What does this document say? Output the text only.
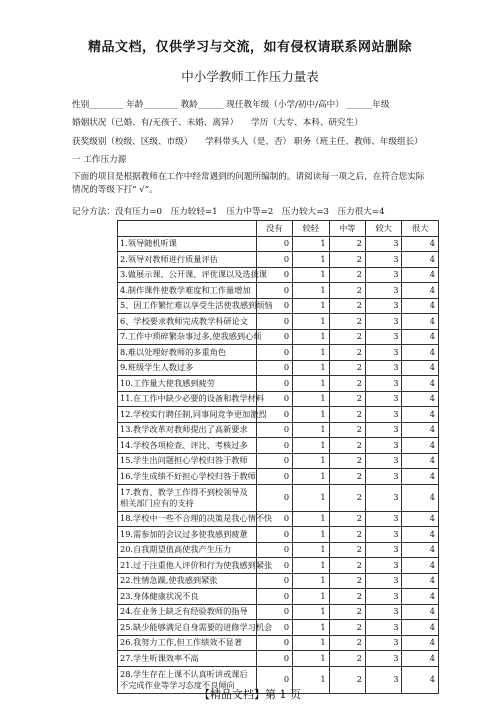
精品文档，仅供学习与交流，如有侵权请联系网站删除
中小学教师工作压力量表
性别________ 年龄________ 教龄______ 现任教年级（小学/初中/高中） ______年级
婚姻状况（已婚、有/无孩子、未婚、离异）　　学历（大专、本科、研究生）
获奖级别（校级、区级、市级）　　学科带头人（是、否） 职务（班主任、教师、年级组长）
一 工作压力源
下面的项目是根据教师在工作中经常遇到的问题所编制的。请阅读每一项之后，在符合您实际情况的等级下打“ √”。
记分方法：没有压力=0　压力较轻=1　压力中等=2　压力较大=3　压力很大=4
	没有	较轻	中等	较大	很大
1.领导随机听课	0	1	2	3	4
2.领导对教师进行质量评估	0	1	2	3	4
3.做展示课、公开课、评优课以及选拔课	0	1	2	3	4
4.制作课件使教学难度和工作量增加	0	1	2	3	4
5、因工作繁忙难以享受生活使我感到烦恼	0	1	2	3	4
6、学校要求教师完成教学科研论文	0	1	2	3	4
7.工作中琐碎繁杂事过多,使我感到心烦	0	1	2	3	4
8.难以处理好教师的多重角色	0	1	2	3	4
9.班级学生人数过多	0	1	2	3	4
10.工作量大使我感到疲劳	0	1	2	3	4
11.在工作中缺少必要的设备和教学材料	0	1	2	3	4
12.学校实行聘任制,同事间竞争更加激烈	0	1	2	3	4
13.教学改革对教师提出了高新要求	0	1	2	3	4
14.学校各项检查、评比、考核过多	0	1	2	3	4
15.学生出问题担心学校归咎于教师	0	1	2	3	4
16.学生成绩不好担心学校归咎于教师	0	1	2	3	4
17.教育、教学工作得不到校领导及相关部门应有的支持	0	1	2	3	4
18.学校中一些不合理的决策是我心情不快	0	1	2	3	4
19.需参加的会议过多使我感到疲惫	0	1	2	3	4
20.自我期望值高使我产生压力	0	1	2	3	4
21.过于注重他人评价和行为使我感到紧张	0	1	2	3	4
22.性情急躁,使我感到紧张	0	1	2	3	4
23.身体健康状况不良	0	1	2	3	4
24.在业务上缺乏有经验教师的指导	0	1	2	3	4
25.缺少能够满足自身需要的进修学习机会	0	1	2	3	4
26.我努力工作,但工作绩效不显著	0	1	2	3	4
27.学生听课效率不高	0	1	2	3	4
28.学生存在上课不认真听讲或课后不完成作业等学习态度不良倾向	0	1	2	3	4
【精品文档】第 1 页
